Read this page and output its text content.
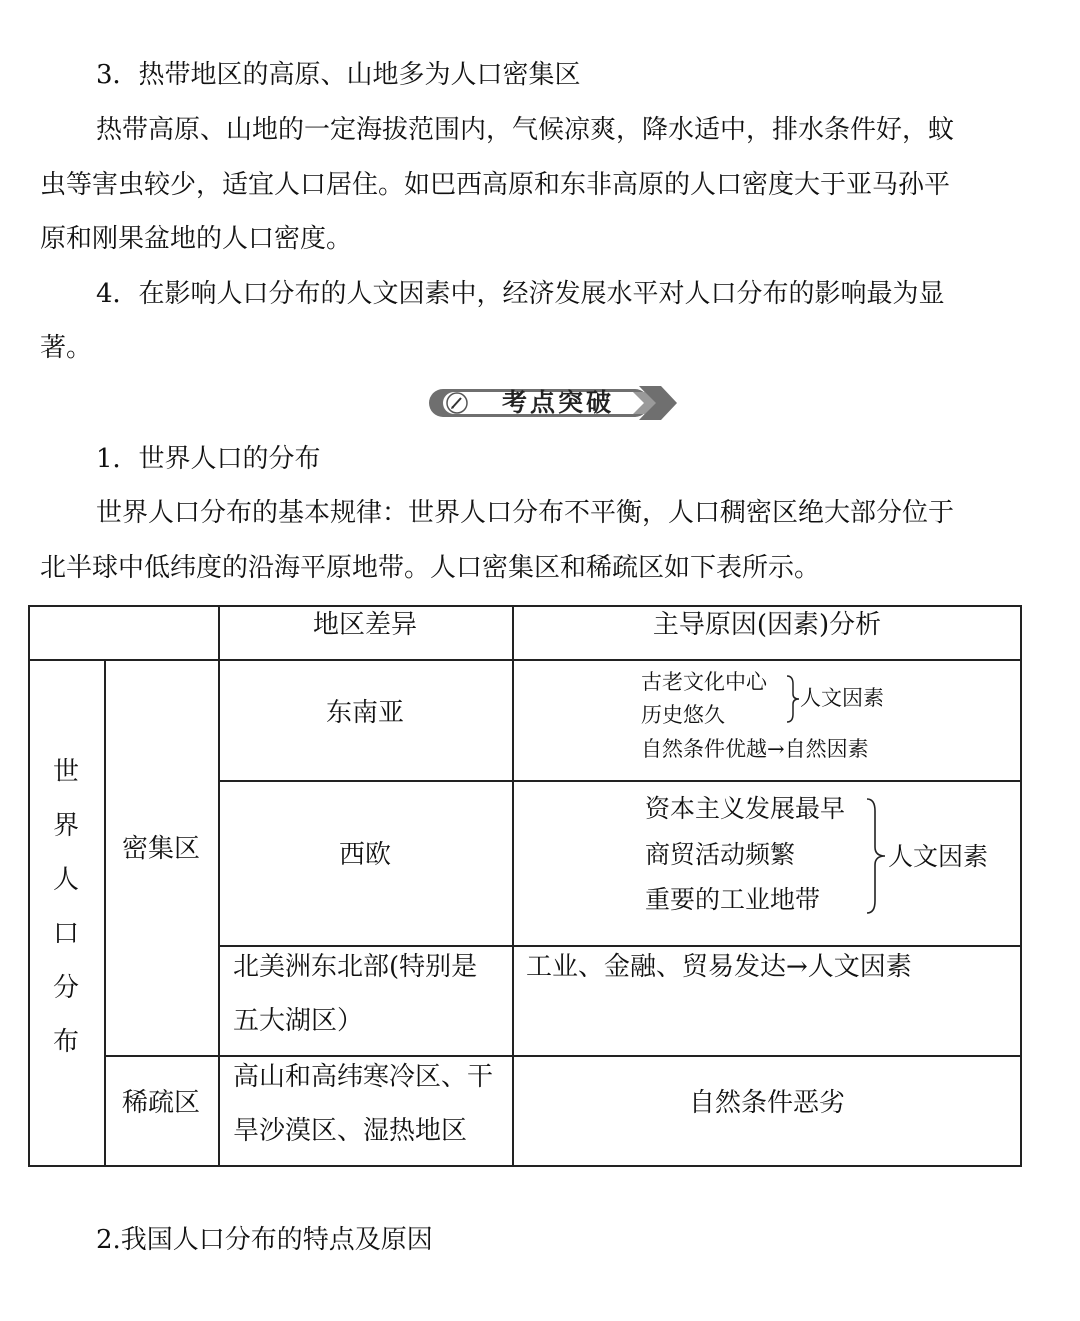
3．热带地区的高原、山地多为人口密集区
热带高原、山地的一定海拔范围内，气候凉爽，降水适中，排水条件好，蚊
虫等害虫较少，适宜人口居住。如巴西高原和东非高原的人口密度大于亚马孙平
原和刚果盆地的人口密度。
4．在影响人口分布的人文因素中，经济发展水平对人口分布的影响最为显
著。
考点突破
1．世界人口的分布
世界人口分布的基本规律：世界人口分布不平衡，人口稠密区绝大部分位于
北半球中低纬度的沿海平原地带。人口密集区和稀疏区如下表所示。
地区差异	主导原因(因素)分析
世
界
人
口
分
布
密集区
稀疏区
东南亚
古老文化中心
历史悠久
人文因素
自然条件优越→自然因素
西欧
资本主义发展最早
商贸活动频繁
重要的工业地带
人文因素
北美洲东北部(特别是
五大湖区）
工业、金融、贸易发达→人文因素
高山和高纬寒冷区、干
旱沙漠区、湿热地区
自然条件恶劣
2.我国人口分布的特点及原因
